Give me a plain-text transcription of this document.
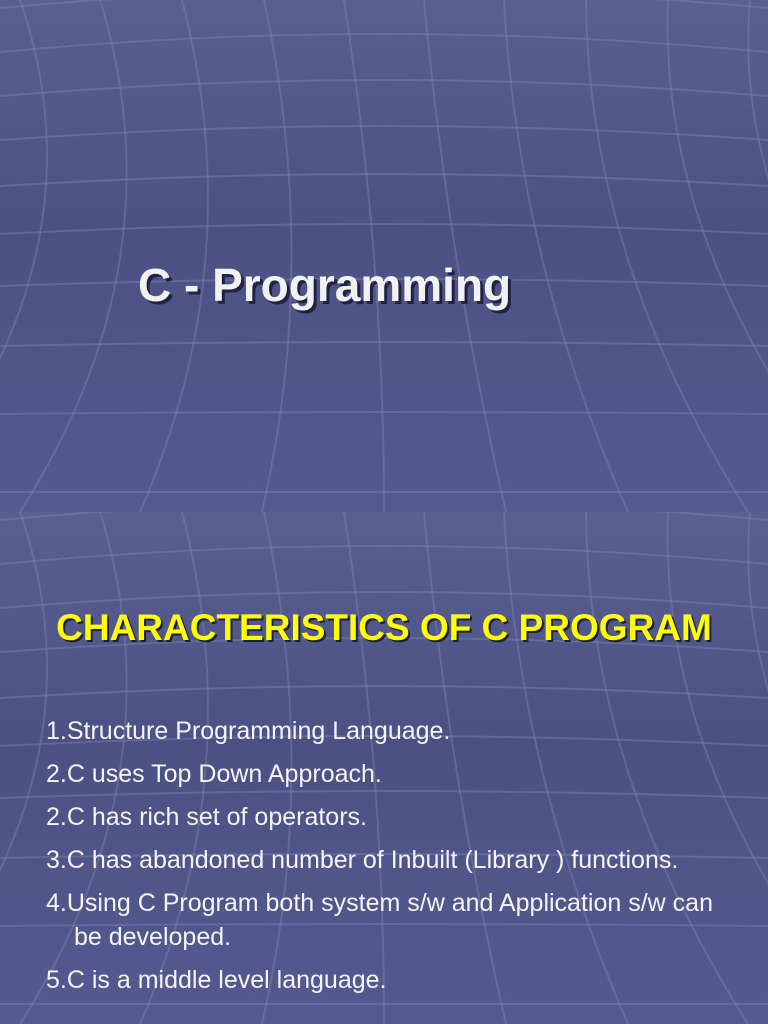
C - Programming
CHARACTERISTICS OF C PROGRAM
1.Structure Programming Language.
2.C uses Top Down Approach.
2.C has rich set of operators.
3.C has abandoned number of Inbuilt (Library ) functions.
4.Using C Program both system s/w and Application s/w can be developed.
5.C is a middle level language.
